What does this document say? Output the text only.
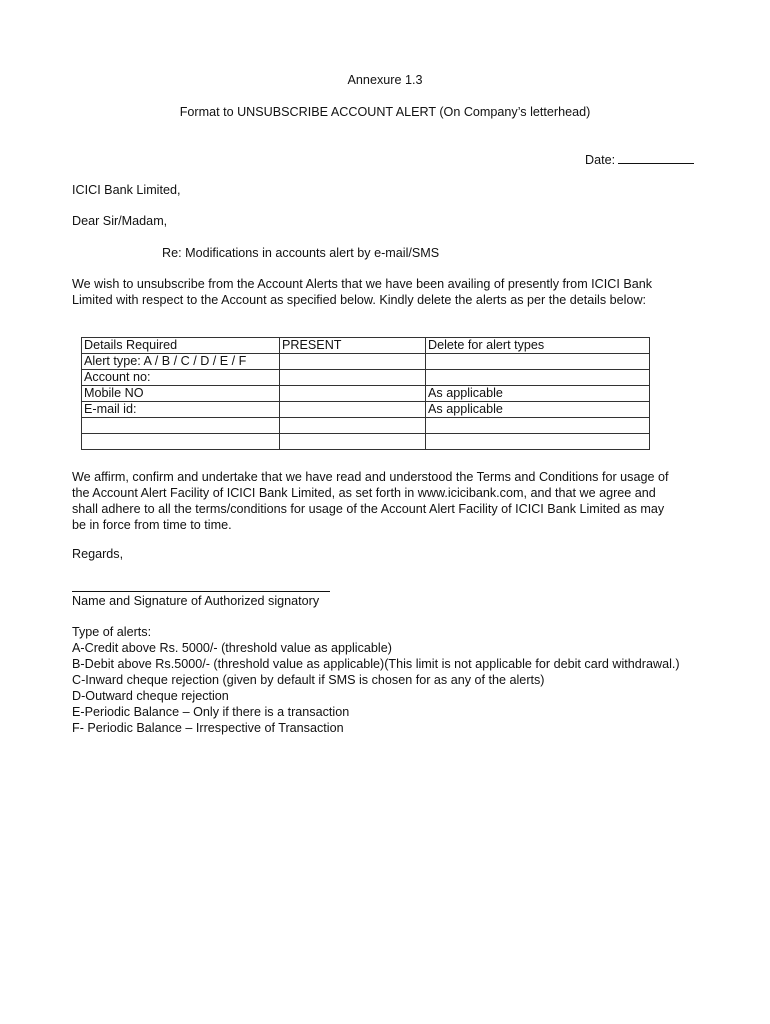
Annexure 1.3
Format to UNSUBSCRIBE ACCOUNT ALERT (On Company’s letterhead)
Date:
ICICI Bank Limited,
Dear Sir/Madam,
Re: Modifications in accounts alert by e-mail/SMS
We wish to unsubscribe from the Account Alerts that we have been availing of presently from ICICI Bank
Limited with respect to the Account as specified below. Kindly delete the alerts as per the details below:
Details Required	PRESENT	Delete for alert types
Alert type: A / B / C / D / E / F		
Account no:		
Mobile NO		As applicable
E-mail id:		As applicable

We affirm, confirm and undertake that we have read and understood the Terms and Conditions for usage of
the Account Alert Facility of ICICI Bank Limited, as set forth in www.icicibank.com, and that we agree and
shall adhere to all the terms/conditions for usage of the Account Alert Facility of ICICI Bank Limited as may
be in force from time to time.
Regards,
Name and Signature of Authorized signatory
Type of alerts:
A-Credit above Rs. 5000/- (threshold value as applicable)
B-Debit above Rs.5000/- (threshold value as applicable)(This limit is not applicable for debit card withdrawal.)
C-Inward cheque rejection (given by default if SMS is chosen for as any of the alerts)
D-Outward cheque rejection
E-Periodic Balance – Only if there is a transaction
F- Periodic Balance – Irrespective of Transaction
